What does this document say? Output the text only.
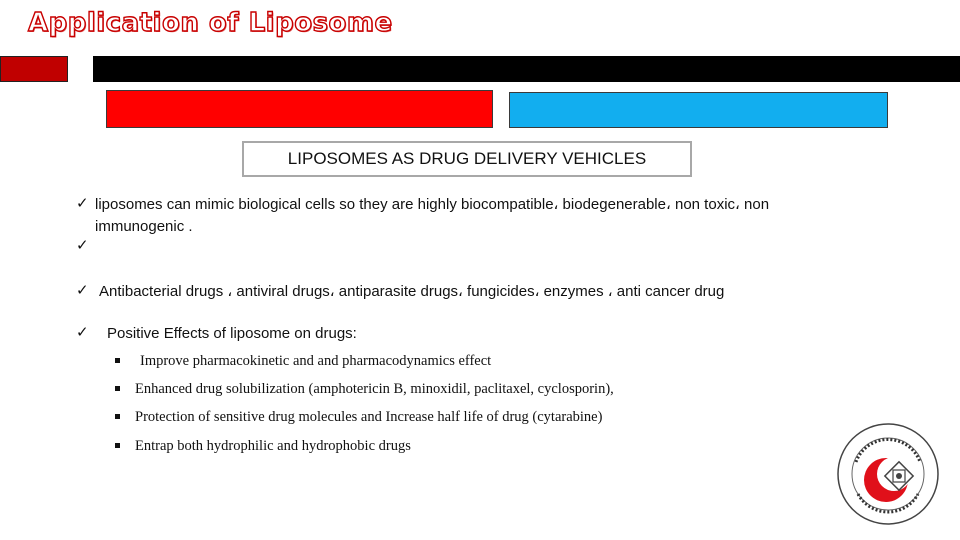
Application of Liposome
LIPOSOMES AS DRUG DELIVERY VEHICLES
✓ liposomes can mimic biological cells so they are highly biocompatible، biodegenerable، non toxic، non
immunogenic .
✓
✓ Antibacterial drugs ، antiviral drugs، antiparasite drugs، fungicides، enzymes ، anti cancer drug
✓ Positive Effects of liposome on drugs:
Improve pharmacokinetic and and pharmacodynamics effect
Enhanced drug solubilization (amphotericin B, minoxidil, paclitaxel, cyclosporin),
Protection of sensitive drug molecules and Increase half life of drug (cytarabine)
Entrap both hydrophilic and hydrophobic drugs
